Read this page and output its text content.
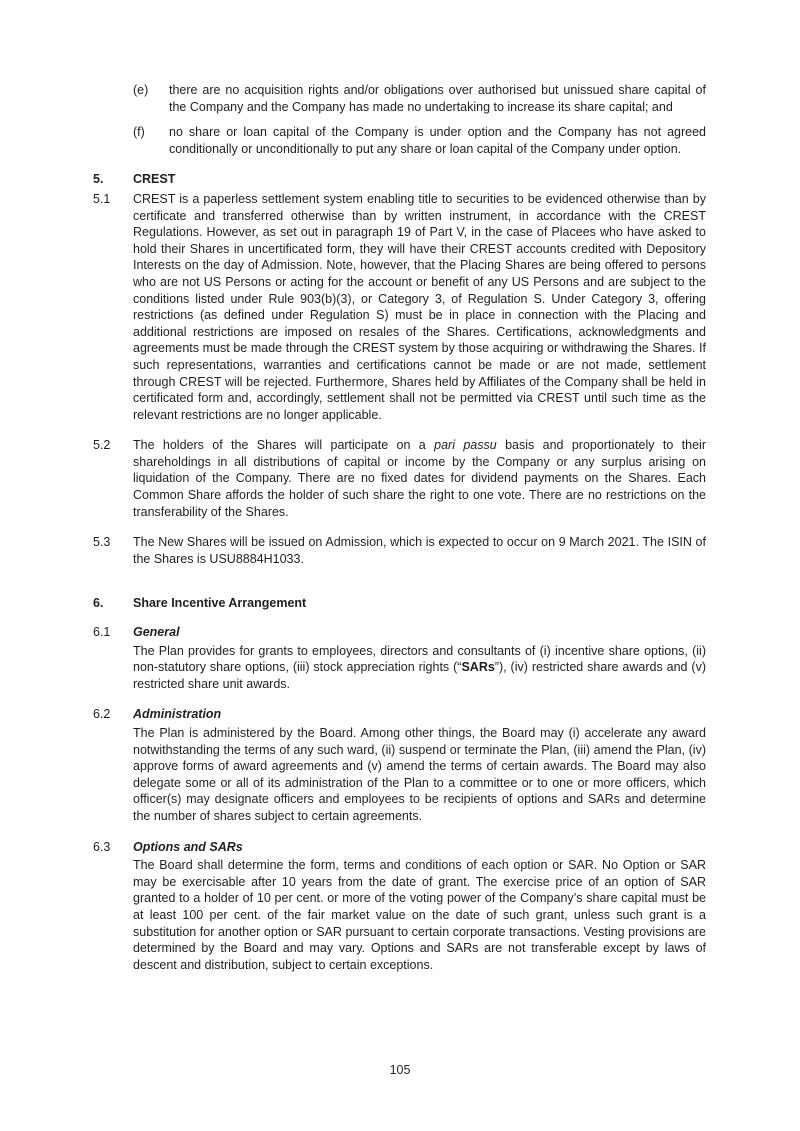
(e)	there are no acquisition rights and/or obligations over authorised but unissued share capital of the Company and the Company has made no undertaking to increase its share capital; and

(f)	no share or loan capital of the Company is under option and the Company has not agreed conditionally or unconditionally to put any share or loan capital of the Company under option.

5.	CREST
5.1	CREST is a paperless settlement system enabling title to securities to be evidenced otherwise than by certificate and transferred otherwise than by written instrument, in accordance with the CREST Regulations. However, as set out in paragraph 19 of Part V, in the case of Placees who have asked to hold their Shares in uncertificated form, they will have their CREST accounts credited with Depository Interests on the day of Admission. Note, however, that the Placing Shares are being offered to persons who are not US Persons or acting for the account or benefit of any US Persons and are subject to the conditions listed under Rule 903(b)(3), or Category 3, of Regulation S. Under Category 3, offering restrictions (as defined under Regulation S) must be in place in connection with the Placing and additional restrictions are imposed on resales of the Shares. Certifications, acknowledgments and agreements must be made through the CREST system by those acquiring or withdrawing the Shares. If such representations, warranties and certifications cannot be made or are not made, settlement through CREST will be rejected. Furthermore, Shares held by Affiliates of the Company shall be held in certificated form and, accordingly, settlement shall not be permitted via CREST until such time as the relevant restrictions are no longer applicable.

5.2	The holders of the Shares will participate on a pari passu basis and proportionately to their shareholdings in all distributions of capital or income by the Company or any surplus arising on liquidation of the Company. There are no fixed dates for dividend payments on the Shares. Each Common Share affords the holder of such share the right to one vote. There are no restrictions on the transferability of the Shares.

5.3	The New Shares will be issued on Admission, which is expected to occur on 9 March 2021. The ISIN of the Shares is USU8884H1033.

6.	Share Incentive Arrangement
6.1	General

The Plan provides for grants to employees, directors and consultants of (i) incentive share options, (ii) non-statutory share options, (iii) stock appreciation rights (“SARs”), (iv) restricted share awards and (v) restricted share unit awards.

6.2	Administration

The Plan is administered by the Board. Among other things, the Board may (i) accelerate any award notwithstanding the terms of any such ward, (ii) suspend or terminate the Plan, (iii) amend the Plan, (iv) approve forms of award agreements and (v) amend the terms of certain awards. The Board may also delegate some or all of its administration of the Plan to a committee or to one or more officers, which officer(s) may designate officers and employees to be recipients of options and SARs and determine the number of shares subject to certain agreements.

6.3	Options and SARs

The Board shall determine the form, terms and conditions of each option or SAR. No Option or SAR may be exercisable after 10 years from the date of grant. The exercise price of an option of SAR granted to a holder of 10 per cent. or more of the voting power of the Company’s share capital must be at least 100 per cent. of the fair market value on the date of such grant, unless such grant is a substitution for another option or SAR pursuant to certain corporate transactions. Vesting provisions are determined by the Board and may vary. Options and SARs are not transferable except by laws of descent and distribution, subject to certain exceptions.

105
